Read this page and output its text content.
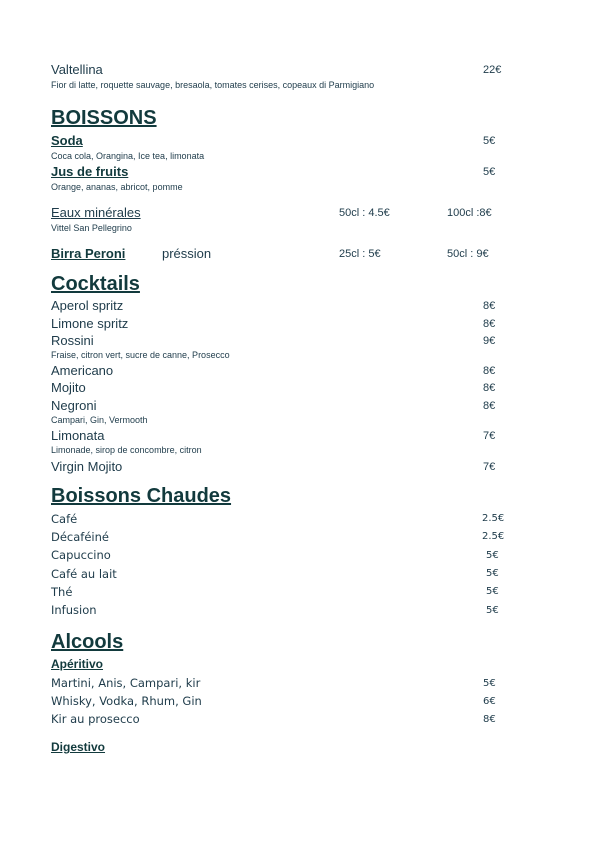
Valtellina	22€
Fior di latte, roquette sauvage, bresaola, tomates cerises, copeaux di Parmigiano
BOISSONS
Soda	5€
Coca cola, Orangina, Ice tea, limonata
Jus de fruits	5€
Orange, ananas, abricot, pomme
Eaux minérales	50cl : 4.5€	100cl :8€
Vittel San Pellegrino
Birra Peroni	préssion	25cl : 5€	50cl : 9€
Cocktails
Aperol spritz	8€
Limone spritz	8€
Rossini	9€
Fraise, citron vert, sucre de canne, Prosecco
Americano	8€
Mojito	8€
Negroni	8€
Campari, Gin, Vermooth
Limonata	7€
Limonade, sirop de concombre, citron
Virgin Mojito	7€
Boissons Chaudes
Café	2.5€
Décaféiné	2.5€
Capuccino	5€
Café au lait	5€
Thé	5€
Infusion	5€
Alcools
Apéritivo
Martini, Anis, Campari, kir	5€
Whisky, Vodka, Rhum, Gin	6€
Kir au prosecco	8€
Digestivo
